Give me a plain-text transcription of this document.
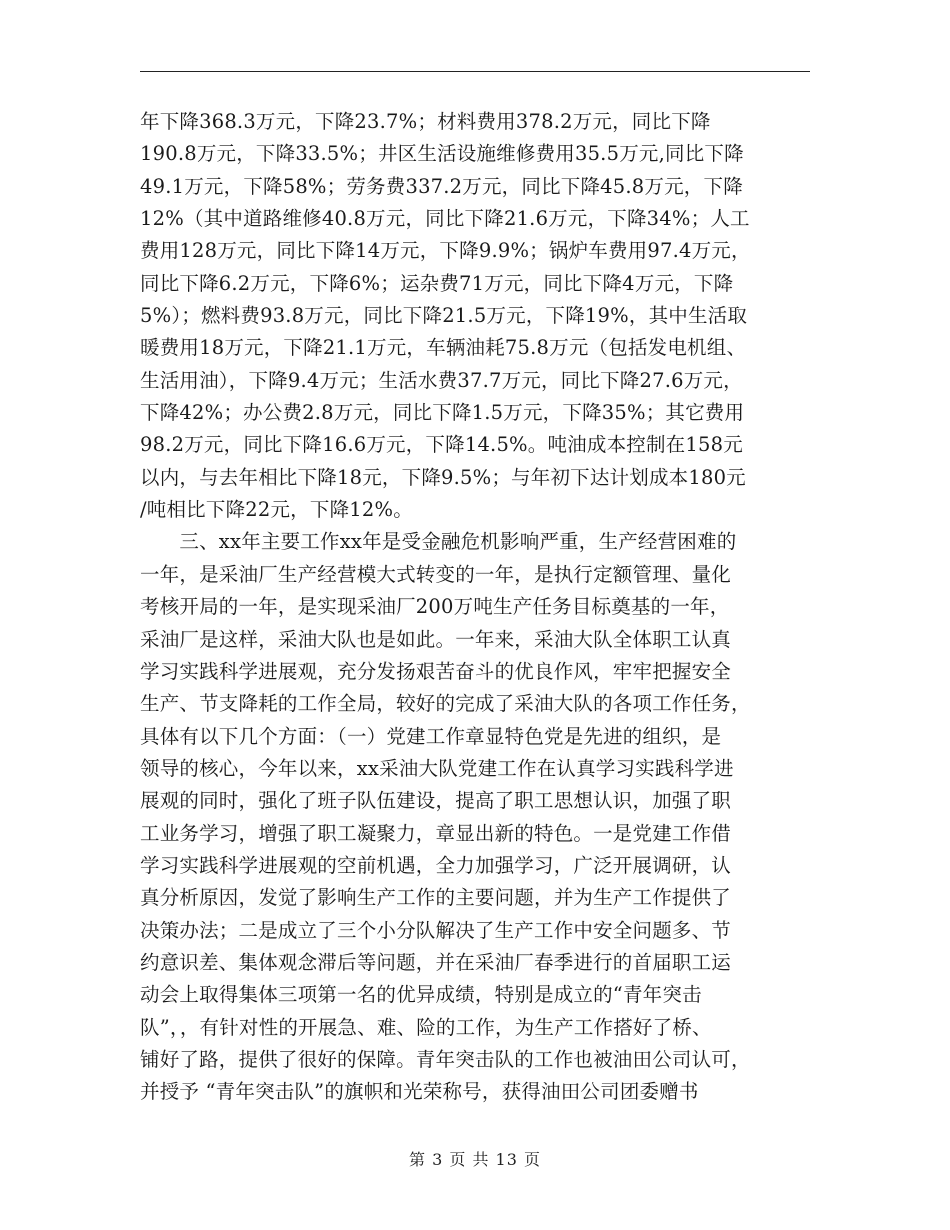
年下降368.3万元，下降23.7%；材料费用378.2万元，同比下降
190.8万元，下降33.5%；井区生活设施维修费用35.5万元,同比下降
49.1万元，下降58%；劳务费337.2万元，同比下降45.8万元，下降
12%（其中道路维修40.8万元，同比下降21.6万元，下降34%；人工
费用128万元，同比下降14万元，下降9.9%；锅炉车费用97.4万元，
同比下降6.2万元，下降6%；运杂费71万元，同比下降4万元，下降
5%）；燃料费93.8万元，同比下降21.5万元，下降19%，其中生活取
暖费用18万元，下降21.1万元，车辆油耗75.8万元（包括发电机组、
生活用油），下降9.4万元；生活水费37.7万元，同比下降27.6万元，
下降42%；办公费2.8万元，同比下降1.5万元，下降35%；其它费用
98.2万元，同比下降16.6万元，下降14.5%。吨油成本控制在158元
以内，与去年相比下降18元，下降9.5%；与年初下达计划成本180元
/吨相比下降22元，下降12%。
　　三、xx年主要工作xx年是受金融危机影响严重，生产经营困难的
一年，是采油厂生产经营模大式转变的一年，是执行定额管理、量化
考核开局的一年，是实现采油厂200万吨生产任务目标奠基的一年，
采油厂是这样，采油大队也是如此。一年来，采油大队全体职工认真
学习实践科学进展观，充分发扬艰苦奋斗的优良作风，牢牢把握安全
生产、节支降耗的工作全局，较好的完成了采油大队的各项工作任务，
具体有以下几个方面：（一）党建工作章显特色党是先进的组织，是
领导的核心，今年以来，xx采油大队党建工作在认真学习实践科学进
展观的同时，强化了班子队伍建设，提高了职工思想认识，加强了职
工业务学习，增强了职工凝聚力，章显出新的特色。一是党建工作借
学习实践科学进展观的空前机遇，全力加强学习，广泛开展调研，认
真分析原因，发觉了影响生产工作的主要问题，并为生产工作提供了
决策办法；二是成立了三个小分队解决了生产工作中安全问题多、节
约意识差、集体观念滞后等问题，并在采油厂春季进行的首届职工运
动会上取得集体三项第一名的优异成绩，特别是成立的“青年突击
队”，，有针对性的开展急、难、险的工作，为生产工作搭好了桥、
铺好了路，提供了很好的保障。青年突击队的工作也被油田公司认可，
并授予 “青年突击队”的旗帜和光荣称号，获得油田公司团委赠书
第 3 页 共 13 页
